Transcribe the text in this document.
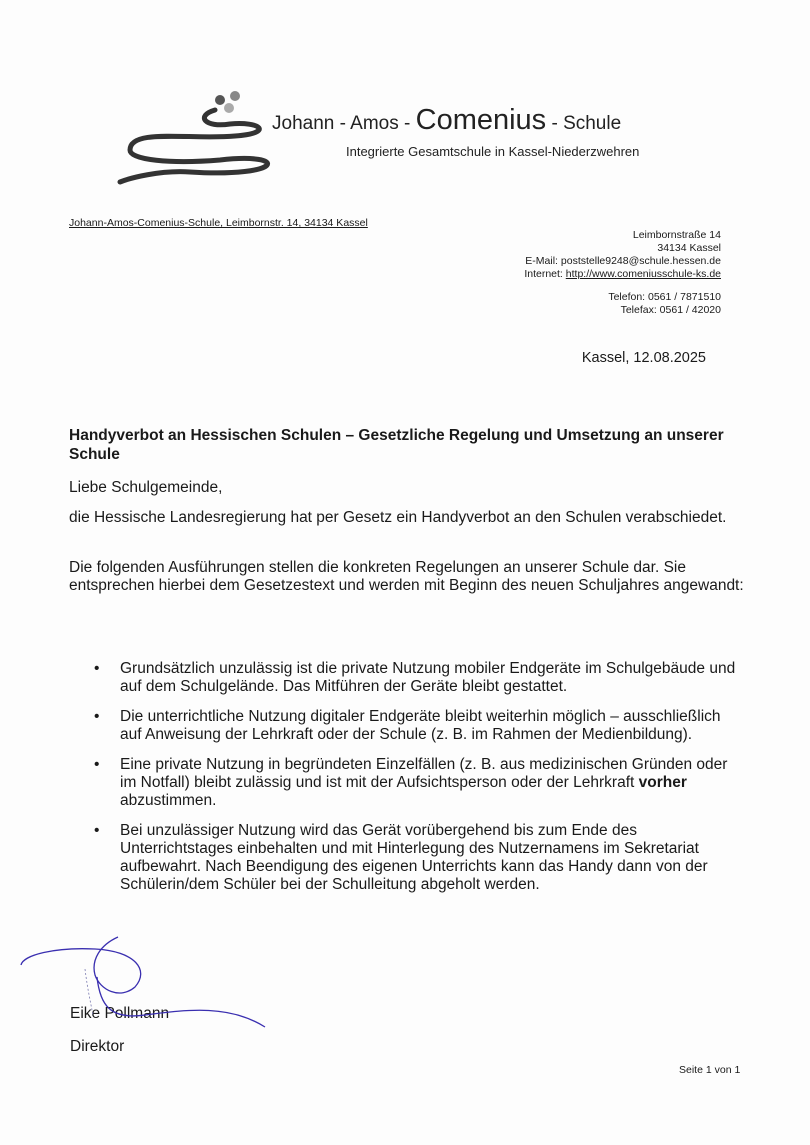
Johann - Amos - Comenius - Schule
Integrierte Gesamtschule in Kassel-Niederzwehren
Johann-Amos-Comenius-Schule, Leimbornstr. 14, 34134 Kassel
Leimbornstraße 14
34134 Kassel
E-Mail: poststelle9248@schule.hessen.de
Internet: http://www.comeniusschule-ks.de
Telefon: 0561 / 7871510
Telefax: 0561 / 42020
Kassel, 12.08.2025
Handyverbot an Hessischen Schulen – Gesetzliche Regelung und Umsetzung an unserer Schule
Liebe Schulgemeinde,
die Hessische Landesregierung hat per Gesetz ein Handyverbot an den Schulen verabschiedet.
Die folgenden Ausführungen stellen die konkreten Regelungen an unserer Schule dar. Sie entsprechen hierbei dem Gesetzestext und werden mit Beginn des neuen Schuljahres angewandt:
• Grundsätzlich unzulässig ist die private Nutzung mobiler Endgeräte im Schulgebäude und auf dem Schulgelände. Das Mitführen der Geräte bleibt gestattet.
• Die unterrichtliche Nutzung digitaler Endgeräte bleibt weiterhin möglich – ausschließlich auf Anweisung der Lehrkraft oder der Schule (z. B. im Rahmen der Medienbildung).
• Eine private Nutzung in begründeten Einzelfällen (z. B. aus medizinischen Gründen oder im Notfall) bleibt zulässig und ist mit der Aufsichtsperson oder der Lehrkraft vorher abzustimmen.
• Bei unzulässiger Nutzung wird das Gerät vorübergehend bis zum Ende des Unterrichtstages einbehalten und mit Hinterlegung des Nutzernamens im Sekretariat aufbewahrt. Nach Beendigung des eigenen Unterrichts kann das Handy dann von der Schülerin/dem Schüler bei der Schulleitung abgeholt werden.
Eike Pollmann
Direktor
Seite 1 von 1
